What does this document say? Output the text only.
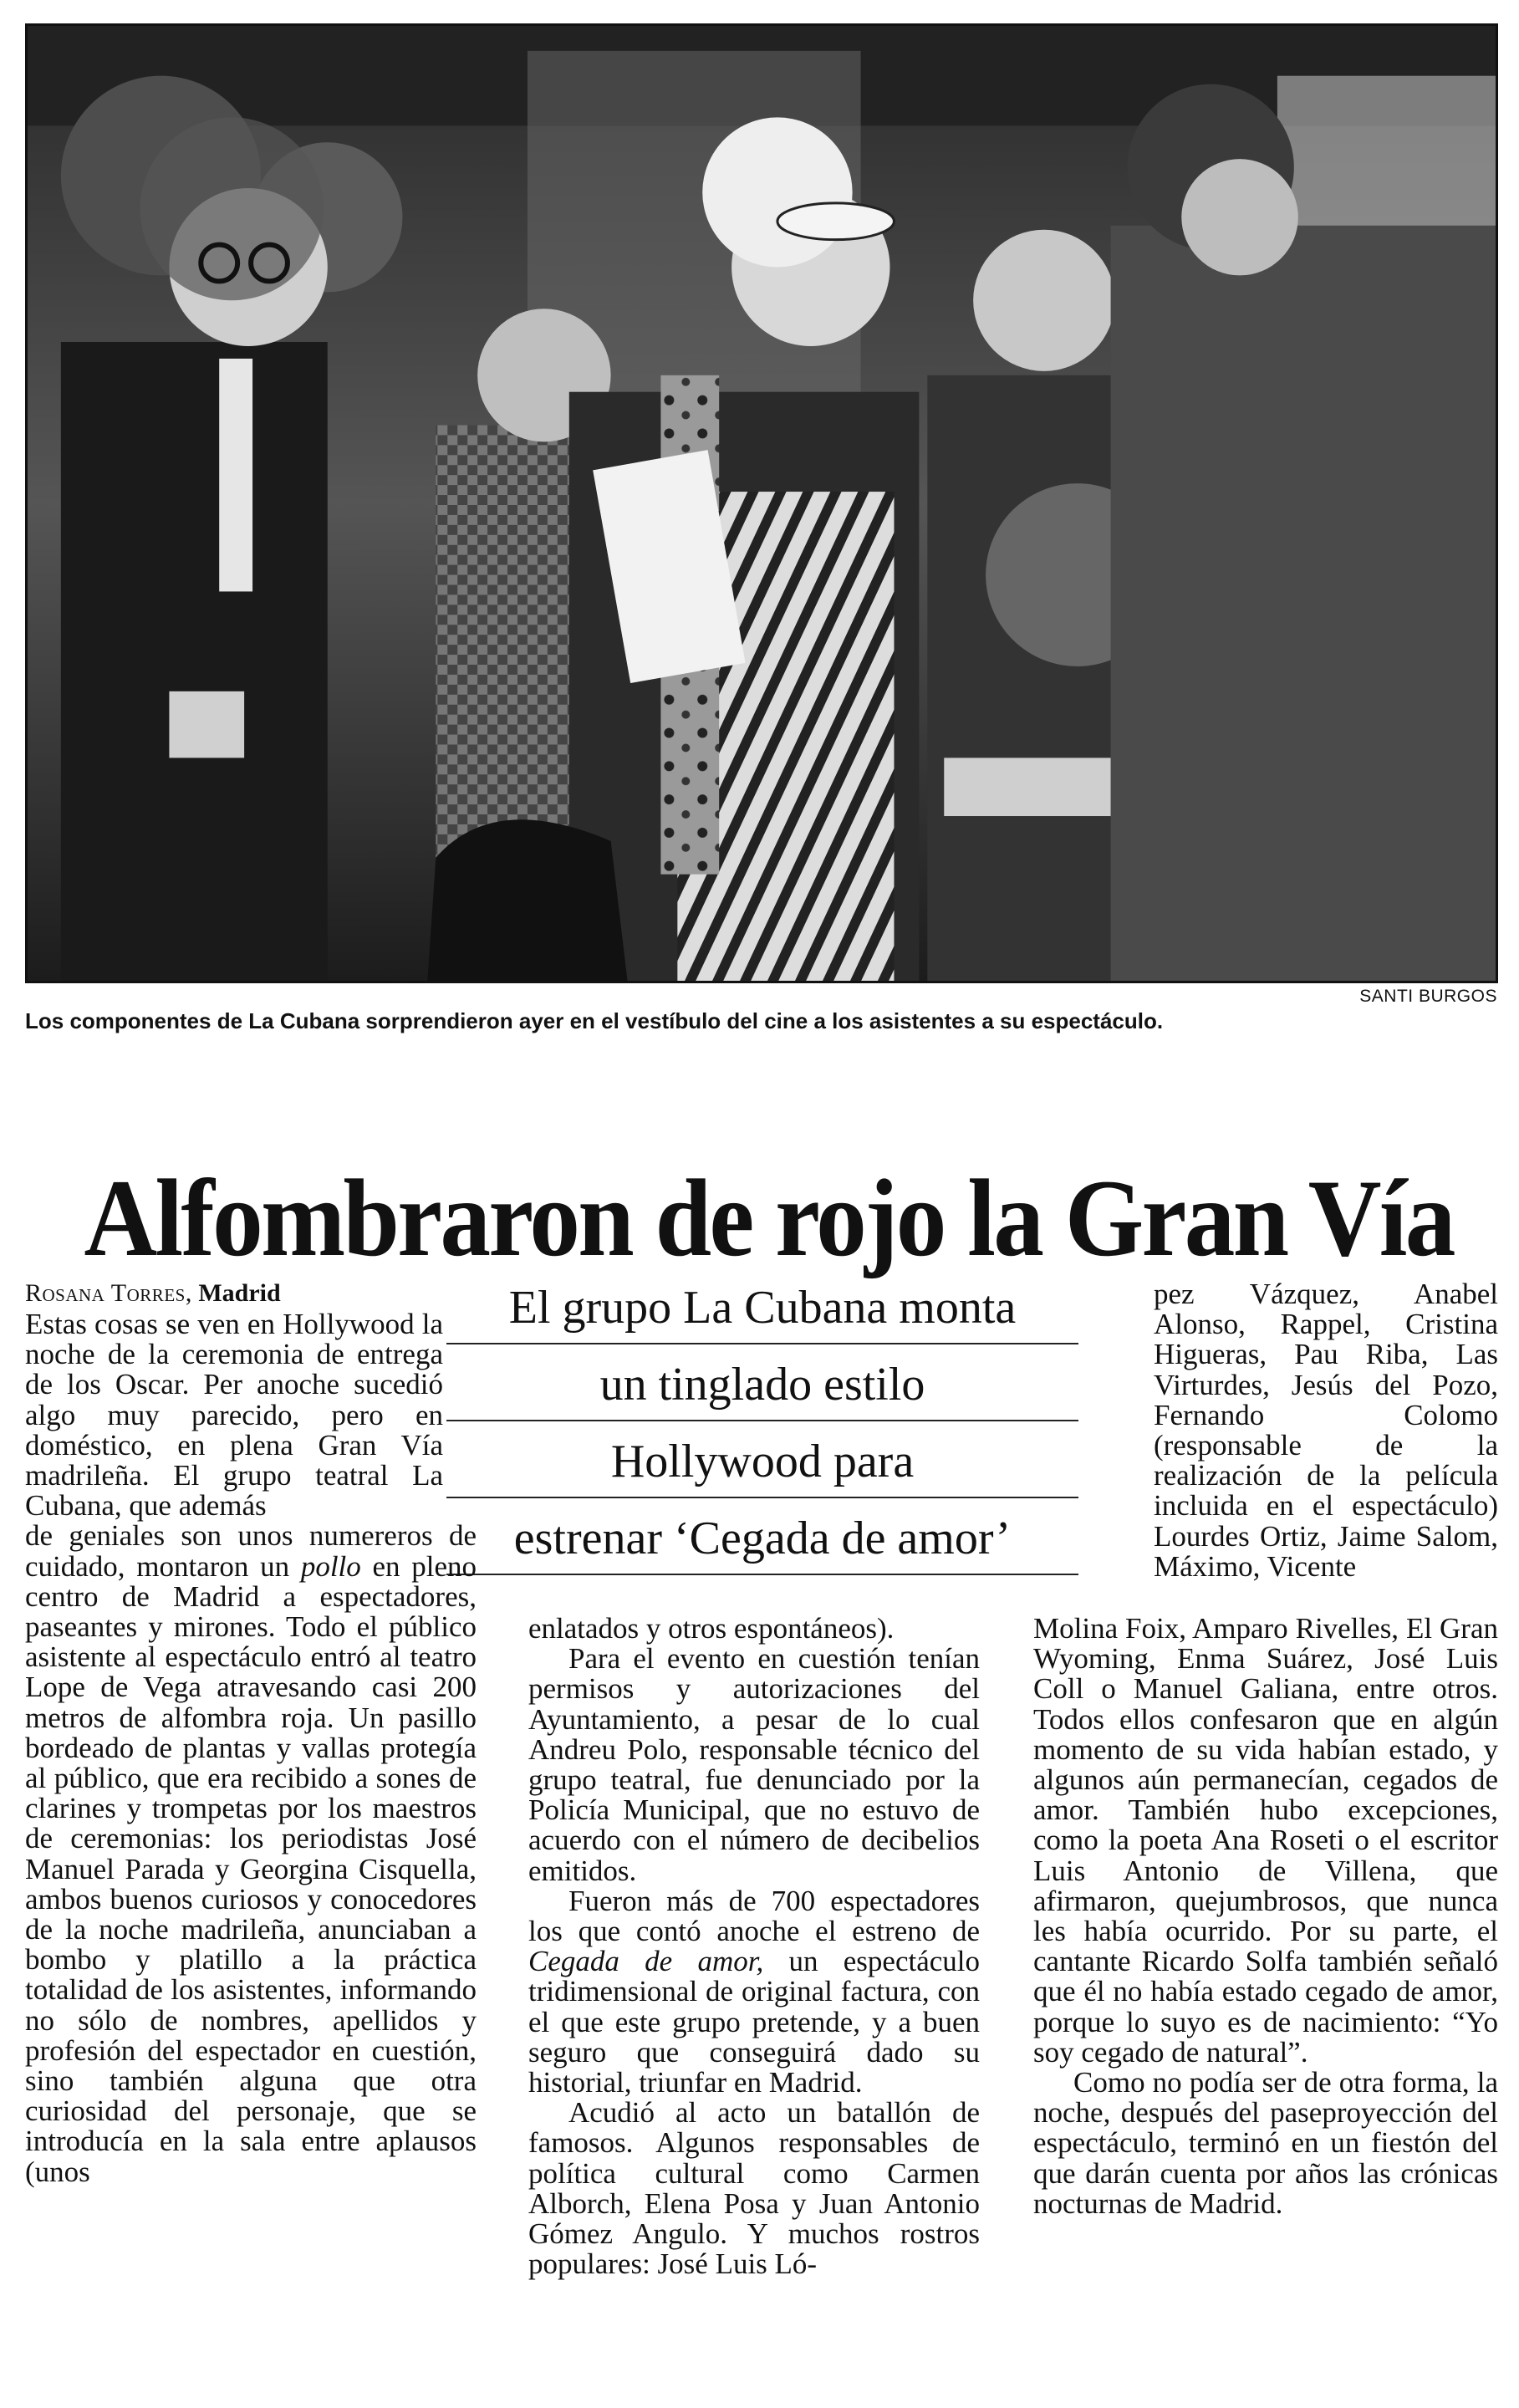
SANTI BURGOS
Los componentes de La Cubana sorprendieron ayer en el vestíbulo del cine a los asistentes a su espectáculo.
Alfombraron de rojo la Gran Vía
Rosana Torres, Madrid	El grupo La Cubana monta
un tinglado estilo
Hollywood para
estrenar ‘Cegada de amor’

Estas cosas se ven en Hollywood la noche de la ceremonia de entrega de los Oscar. Per anoche sucedió algo muy parecido, pero en doméstico, en plena Gran Vía madrileña. El grupo teatral La Cubana, que además

de geniales son unos numereros de cuidado, montaron un pollo en pleno centro de Madrid a espectadores, paseantes y mirones. Todo el público asistente al espectáculo entró al teatro Lope de Vega atravesando casi 200 metros de alfombra roja. Un pasillo bordeado de plantas y vallas protegía al público, que era recibido a sones de clarines y trompetas por los maestros de ceremonias: los periodistas José Manuel Parada y Georgina Cisquella, ambos buenos curiosos y conocedores de la noche madrileña, anunciaban a bombo y platillo a la práctica totalidad de los asistentes, informando no sólo de nombres, apellidos y profesión del espectador en cuestión, sino también alguna que otra curiosidad del personaje, que se introducía en la sala entre aplausos (unos

enlatados y otros espontáneos).

Para el evento en cuestión tenían permisos y autorizaciones del Ayuntamiento, a pesar de lo cual Andreu Polo, responsable técnico del grupo teatral, fue denunciado por la Policía Municipal, que no estuvo de acuerdo con el número de decibelios emitidos.

Fueron más de 700 espectadores los que contó anoche el estreno de Cegada de amor, un espectáculo tridimensional de original factura, con el que este grupo pretende, y a buen seguro que conseguirá dado su historial, triunfar en Madrid.

Acudió al acto un batallón de famosos. Algunos responsables de política cultural como Carmen Alborch, Elena Posa y Juan Antonio Gómez Angulo. Y muchos rostros populares: José Luis Ló-

pez Vázquez, Anabel Alonso, Rappel, Cristina Higueras, Pau Riba, Las Virturdes, Jesús del Pozo, Fernando Colomo (responsable de la realización de la película incluida en el espectáculo) Lourdes Ortiz, Jaime Salom, Máximo, Vicente

Molina Foix, Amparo Rivelles, El Gran Wyoming, Enma Suárez, José Luis Coll o Manuel Galiana, entre otros. Todos ellos confesaron que en algún momento de su vida habían estado, y algunos aún permanecían, cegados de amor. También hubo excepciones, como la poeta Ana Roseti o el escritor Luis Antonio de Villena, que afirmaron, quejumbrosos, que nunca les había ocurrido. Por su parte, el cantante Ricardo Solfa también señaló que él no había estado cegado de amor, porque lo suyo es de nacimiento: “Yo soy cegado de natural”.

Como no podía ser de otra forma, la noche, después del paseproyección del espectáculo, terminó en un fiestón del que darán cuenta por años las crónicas nocturnas de Madrid.
